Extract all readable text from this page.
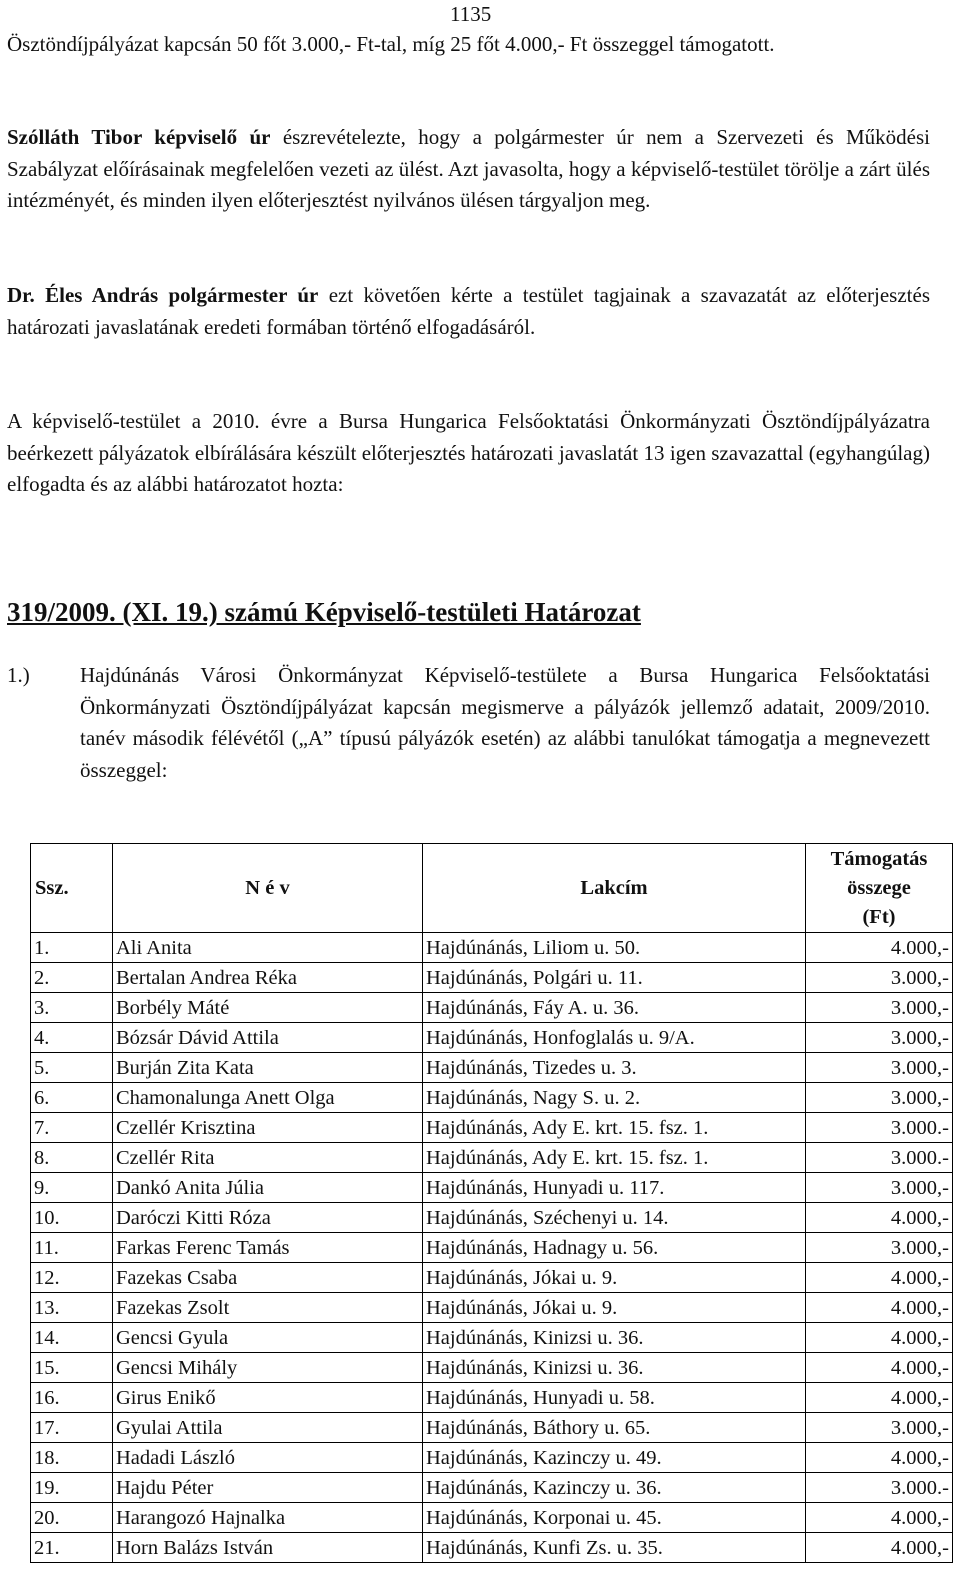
1135

Ösztöndíjpályázat kapcsán 50 főt 3.000,- Ft-tal, míg 25 főt 4.000,- Ft összeggel támogatott.

Szólláth Tibor képviselő úr észrevételezte, hogy a polgármester úr nem a Szervezeti és Működési Szabályzat előírásainak megfelelően vezeti az ülést. Azt javasolta, hogy a képviselő-testület törölje a zárt ülés intézményét, és minden ilyen előterjesztést nyilvános ülésen tárgyaljon meg.

Dr. Éles András polgármester úr ezt követően kérte a testület tagjainak a szavazatát az előterjesztés határozati javaslatának eredeti formában történő elfogadásáról.

A képviselő-testület a 2010. évre a Bursa Hungarica Felsőoktatási Önkormányzati Ösztöndíjpályázatra beérkezett pályázatok elbírálására készült előterjesztés határozati javaslatát 13 igen szavazattal (egyhangúlag) elfogadta és az alábbi határozatot hozta:

319/2009. (XI. 19.) számú Képviselő-testületi Határozat
1.) Hajdúnánás Városi Önkormányzat Képviselő-testülete a Bursa Hungarica Felsőoktatási Önkormányzati Ösztöndíjpályázat kapcsán megismerve a pályázók jellemző adatait, 2009/2010. tanév második félévétől („A” típusú pályázók esetén) az alábbi tanulókat támogatja a megnevezett összeggel:
Ssz.	N é v	Lakcím	Támogatás
összege
(Ft)
1.	Ali Anita	Hajdúnánás, Liliom u. 50.	4.000,-
2.	Bertalan Andrea Réka	Hajdúnánás, Polgári u. 11.	3.000,-
3.	Borbély Máté	Hajdúnánás, Fáy A. u. 36.	3.000,-
4.	Bózsár Dávid Attila	Hajdúnánás, Honfoglalás u. 9/A.	3.000,-
5.	Burján Zita Kata	Hajdúnánás, Tizedes u. 3.	3.000,-
6.	Chamonalunga Anett Olga	Hajdúnánás, Nagy S. u. 2.	3.000,-
7.	Czellér Krisztina	Hajdúnánás, Ady E. krt. 15. fsz. 1.	3.000.-
8.	Czellér Rita	Hajdúnánás, Ady E. krt. 15. fsz. 1.	3.000.-
9.	Dankó Anita Júlia	Hajdúnánás, Hunyadi u. 117.	3.000,-
10.	Daróczi Kitti Róza	Hajdúnánás, Széchenyi u. 14.	4.000,-
11.	Farkas Ferenc Tamás	Hajdúnánás, Hadnagy u. 56.	3.000,-
12.	Fazekas Csaba	Hajdúnánás, Jókai u. 9.	4.000,-
13.	Fazekas Zsolt	Hajdúnánás, Jókai u. 9.	4.000,-
14.	Gencsi Gyula	Hajdúnánás, Kinizsi u. 36.	4.000,-
15.	Gencsi Mihály	Hajdúnánás, Kinizsi u. 36.	4.000,-
16.	Girus Enikő	Hajdúnánás, Hunyadi u. 58.	4.000,-
17.	Gyulai Attila	Hajdúnánás, Báthory u. 65.	3.000,-
18.	Hadadi László	Hajdúnánás, Kazinczy u. 49.	4.000,-
19.	Hajdu Péter	Hajdúnánás, Kazinczy u. 36.	3.000.-
20.	Harangozó Hajnalka	Hajdúnánás, Korponai u. 45.	4.000,-
21.	Horn Balázs István	Hajdúnánás, Kunfi Zs. u. 35.	4.000,-
